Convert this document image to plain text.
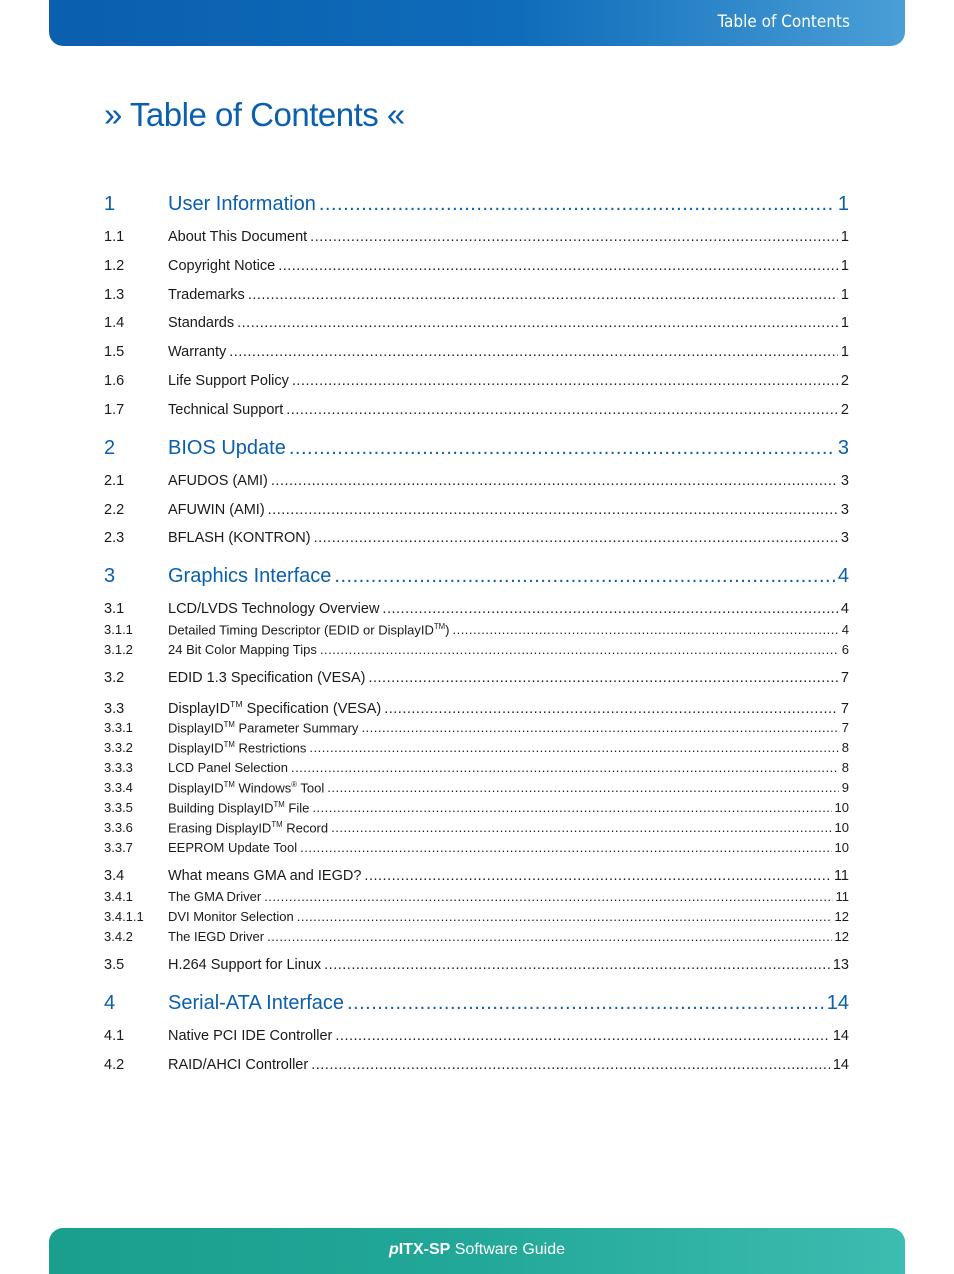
Table of Contents
» Table of Contents «
1	User Information .....	1
1.1	About This Document .....	1
1.2	Copyright Notice .....	1
1.3	Trademarks .....	1
1.4	Standards .....	1
1.5	Warranty .....	1
1.6	Life Support Policy .....	2
1.7	Technical Support .....	2
2	BIOS Update .....	3
2.1	AFUDOS (AMI) .....	3
2.2	AFUWIN (AMI) .....	3
2.3	BFLASH (KONTRON) .....	3
3	Graphics Interface .....	4
3.1	LCD/LVDS Technology Overview .....	4
3.1.1	Detailed Timing Descriptor (EDID or DisplayID™) .....	4
3.1.2	24 Bit Color Mapping Tips .....	6
3.2	EDID 1.3 Specification (VESA) .....	7
3.3	DisplayID™ Specification (VESA) .....	7
3.3.1	DisplayID™ Parameter Summary .....	7
3.3.2	DisplayID™ Restrictions .....	8
3.3.3	LCD Panel Selection .....	8
3.3.4	DisplayID™ Windows® Tool .....	9
3.3.5	Building DisplayID™ File .....	10
3.3.6	Erasing DisplayID™ Record .....	10
3.3.7	EEPROM Update Tool .....	10
3.4	What means GMA and IEGD? .....	11
3.4.1	The GMA Driver .....	11
3.4.1.1	DVI Monitor Selection .....	12
3.4.2	The IEGD Driver .....	12
3.5	H.264 Support for Linux .....	13
4	Serial-ATA Interface .....	14
4.1	Native PCI IDE Controller .....	14
4.2	RAID/AHCI Controller .....	14
pITX-SP Software Guide
